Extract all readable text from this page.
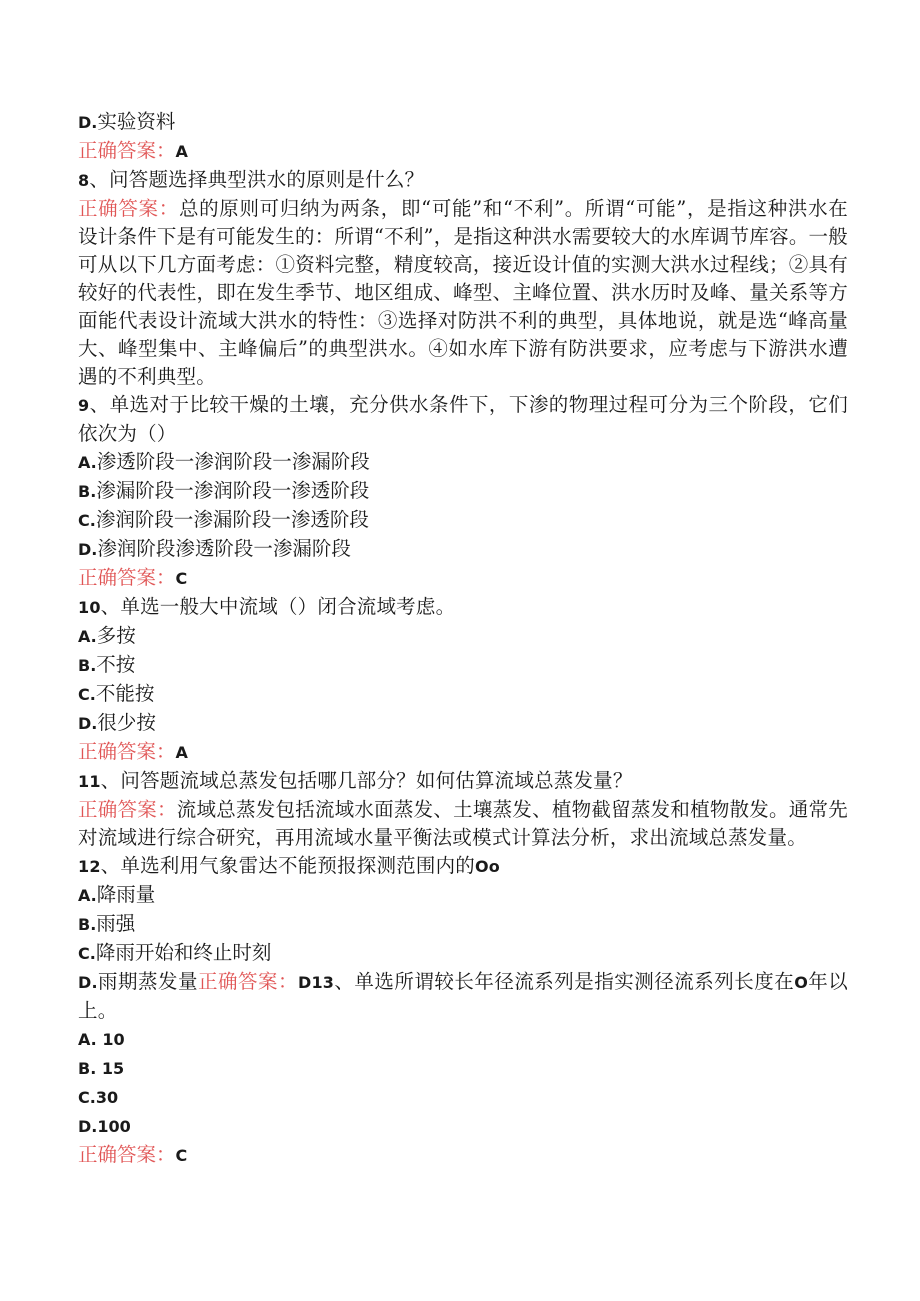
D.实验资料
正确答案：A
8、问答题选择典型洪水的原则是什么？
正确答案：总的原则可归纳为两条，即“可能”和“不利”。所谓“可能”，是指这种洪水在设计条件下是有可能发生的：所谓“不利”，是指这种洪水需要较大的水库调节库容。一般可从以下几方面考虑：①资料完整，精度较高，接近设计值的实测大洪水过程线；②具有较好的代表性，即在发生季节、地区组成、峰型、主峰位置、洪水历时及峰、量关系等方面能代表设计流域大洪水的特性：③选择对防洪不利的典型，具体地说，就是选“峰高量大、峰型集中、主峰偏后”的典型洪水。④如水库下游有防洪要求，应考虑与下游洪水遭遇的不利典型。
9、单选对于比较干燥的土壤，充分供水条件下，下渗的物理过程可分为三个阶段，它们依次为（）
A.渗透阶段一渗润阶段一渗漏阶段
B.渗漏阶段一渗润阶段一渗透阶段
C.渗润阶段一渗漏阶段一渗透阶段
D.渗润阶段渗透阶段一渗漏阶段
正确答案：C
10、单选一般大中流域（）闭合流域考虑。
A.多按
B.不按
C.不能按
D.很少按
正确答案：A
11、问答题流域总蒸发包括哪几部分？如何估算流域总蒸发量？
正确答案：流域总蒸发包括流域水面蒸发、土壤蒸发、植物截留蒸发和植物散发。通常先对流域进行综合研究，再用流域水量平衡法或模式计算法分析，求出流域总蒸发量。
12、单选利用气象雷达不能预报探测范围内的Oo
A.降雨量
B.雨强
C.降雨开始和终止时刻
D.雨期蒸发量正确答案：D13、单选所谓较长年径流系列是指实测径流系列长度在O年以上。
A. 10
B. 15
C.30
D.100
正确答案：C
